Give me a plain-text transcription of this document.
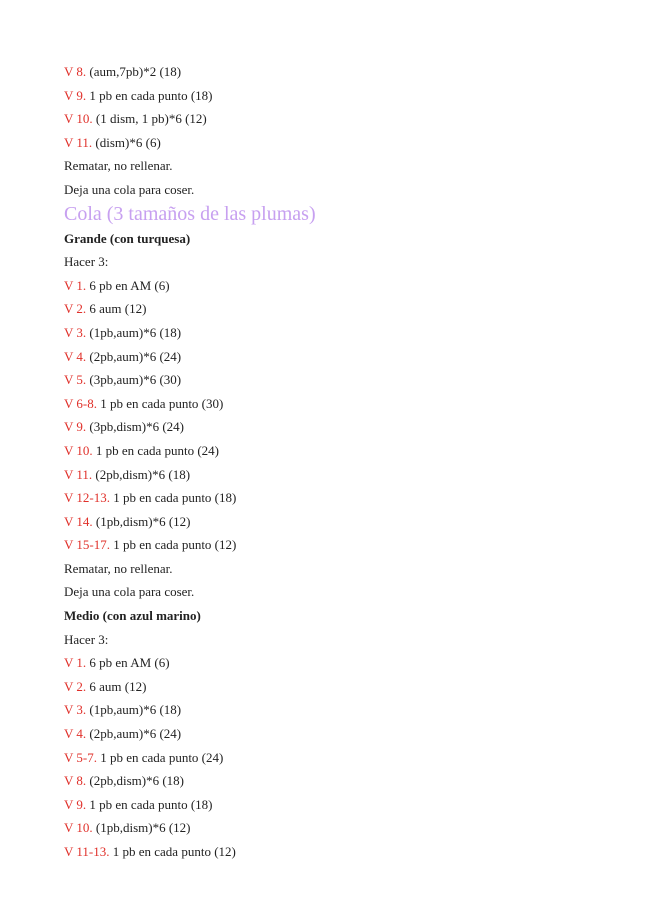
V 8. (aum,7pb)*2 (18)
V 9. 1 pb en cada punto (18)
V 10. (1 dism, 1 pb)*6 (12)
V 11. (dism)*6 (6)
Rematar, no rellenar.
Deja una cola para coser.
Cola (3 tamaños de las plumas)
Grande (con turquesa)
Hacer 3:
V 1. 6 pb en AM (6)
V 2. 6 aum (12)
V 3. (1pb,aum)*6 (18)
V 4. (2pb,aum)*6 (24)
V 5. (3pb,aum)*6 (30)
V 6-8. 1 pb en cada punto (30)
V 9. (3pb,dism)*6 (24)
V 10. 1 pb en cada punto (24)
V 11. (2pb,dism)*6 (18)
V 12-13. 1 pb en cada punto (18)
V 14. (1pb,dism)*6 (12)
V 15-17. 1 pb en cada punto (12)
Rematar, no rellenar.
Deja una cola para coser.
Medio (con azul marino)
Hacer 3:
V 1. 6 pb en AM (6)
V 2. 6 aum (12)
V 3. (1pb,aum)*6 (18)
V 4. (2pb,aum)*6 (24)
V 5-7. 1 pb en cada punto (24)
V 8. (2pb,dism)*6 (18)
V 9. 1 pb en cada punto (18)
V 10. (1pb,dism)*6 (12)
V 11-13. 1 pb en cada punto (12)
